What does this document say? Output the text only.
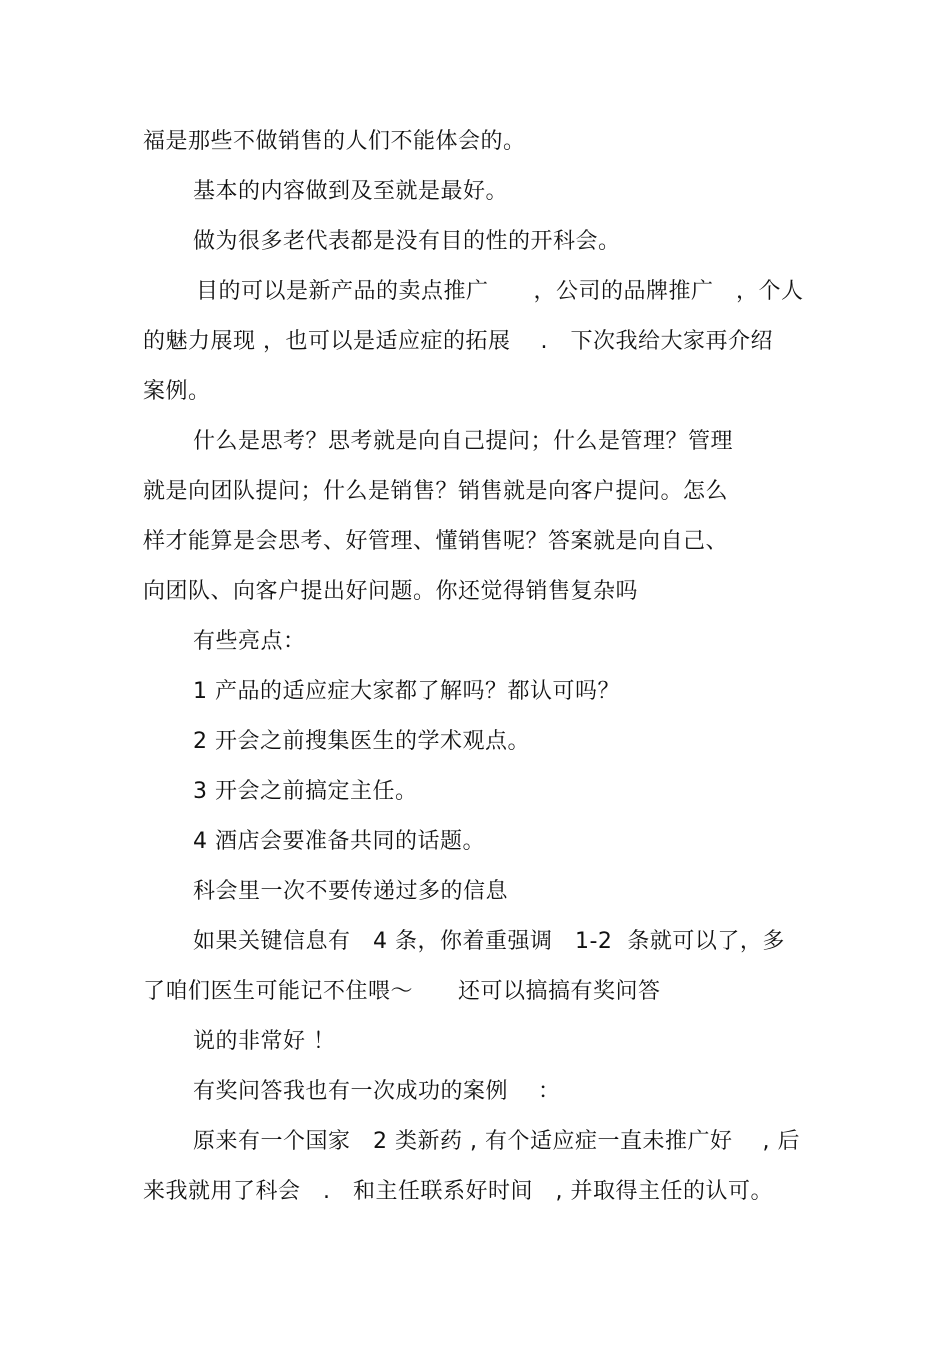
福是那些不做销售的人们不能体会的。
基本的内容做到及至就是最好。
做为很多老代表都是没有目的性的开科会。
目的可以是新产品的卖点推广　　，公司的品牌推广　，个人
的魅力展现 ，也可以是适应症的拓展　 .　下次我给大家再介绍
案例。
什么是思考？思考就是向自己提问；什么是管理？管理
就是向团队提问；什么是销售？销售就是向客户提问。怎么
样才能算是会思考、好管理、懂销售呢？答案就是向自己、
向团队、向客户提出好问题。你还觉得销售复杂吗
有些亮点：
1 产品的适应症大家都了解吗？都认可吗？
2 开会之前搜集医生的学术观点。
3 开会之前搞定主任。
4 酒店会要准备共同的话题。
科会里一次不要传递过多的信息
如果关键信息有　4 条，你着重强调　1-2  条就可以了，多
了咱们医生可能记不住喂～　　还可以搞搞有奖问答
说的非常好 ！
有奖问答我也有一次成功的案例　 ：
原来有一个国家　2 类新药 , 有个适应症一直未推广好　 , 后
来我就用了科会　.　和主任联系好时间　, 并取得主任的认可。
